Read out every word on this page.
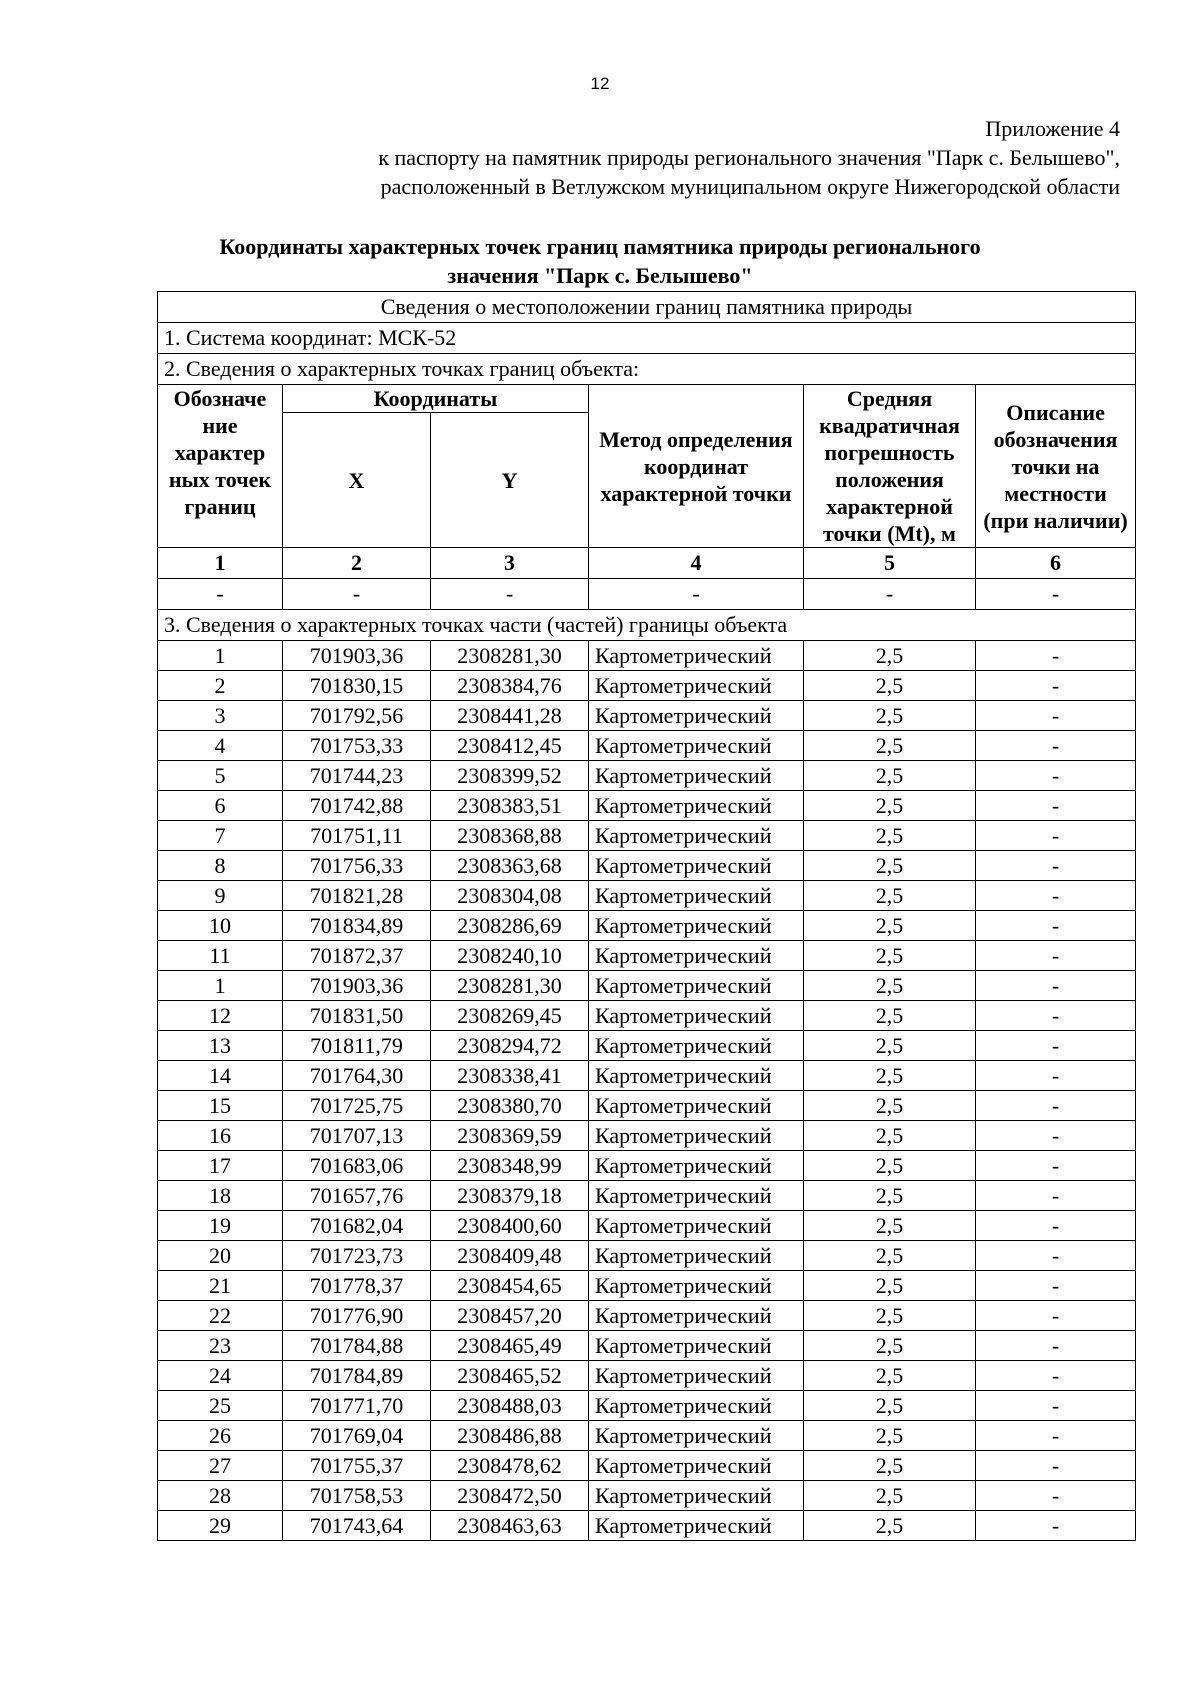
12
Приложение 4
к паспорту на памятник природы регионального значения "Парк с. Белышево",
расположенный в Ветлужском муниципальном округе Нижегородской области
Координаты характерных точек границ памятника природы регионального
значения "Парк с. Белышево"
Сведения о местоположении границ памятника природы					
1. Система координат: МСК-52					
2. Сведения о характерных точках границ объекта:					
Обозначе ние характер ных точек границ	Координаты		Метод определения координат характерной точки	Средняя квадратичная погрешность положения характерной точки (Mt), м	Описание обозначения точки на местности (при наличии)
	X	Y			
1	2	3	4	5	6
-	-	-	-	-	-
3. Сведения о характерных точках части (частей) границы объекта					
1	701903,36	2308281,30	Картометрический	2,5	-
2	701830,15	2308384,76	Картометрический	2,5	-
3	701792,56	2308441,28	Картометрический	2,5	-
4	701753,33	2308412,45	Картометрический	2,5	-
5	701744,23	2308399,52	Картометрический	2,5	-
6	701742,88	2308383,51	Картометрический	2,5	-
7	701751,11	2308368,88	Картометрический	2,5	-
8	701756,33	2308363,68	Картометрический	2,5	-
9	701821,28	2308304,08	Картометрический	2,5	-
10	701834,89	2308286,69	Картометрический	2,5	-
11	701872,37	2308240,10	Картометрический	2,5	-
1	701903,36	2308281,30	Картометрический	2,5	-
12	701831,50	2308269,45	Картометрический	2,5	-
13	701811,79	2308294,72	Картометрический	2,5	-
14	701764,30	2308338,41	Картометрический	2,5	-
15	701725,75	2308380,70	Картометрический	2,5	-
16	701707,13	2308369,59	Картометрический	2,5	-
17	701683,06	2308348,99	Картометрический	2,5	-
18	701657,76	2308379,18	Картометрический	2,5	-
19	701682,04	2308400,60	Картометрический	2,5	-
20	701723,73	2308409,48	Картометрический	2,5	-
21	701778,37	2308454,65	Картометрический	2,5	-
22	701776,90	2308457,20	Картометрический	2,5	-
23	701784,88	2308465,49	Картометрический	2,5	-
24	701784,89	2308465,52	Картометрический	2,5	-
25	701771,70	2308488,03	Картометрический	2,5	-
26	701769,04	2308486,88	Картометрический	2,5	-
27	701755,37	2308478,62	Картометрический	2,5	-
28	701758,53	2308472,50	Картометрический	2,5	-
29	701743,64	2308463,63	Картометрический	2,5	-
